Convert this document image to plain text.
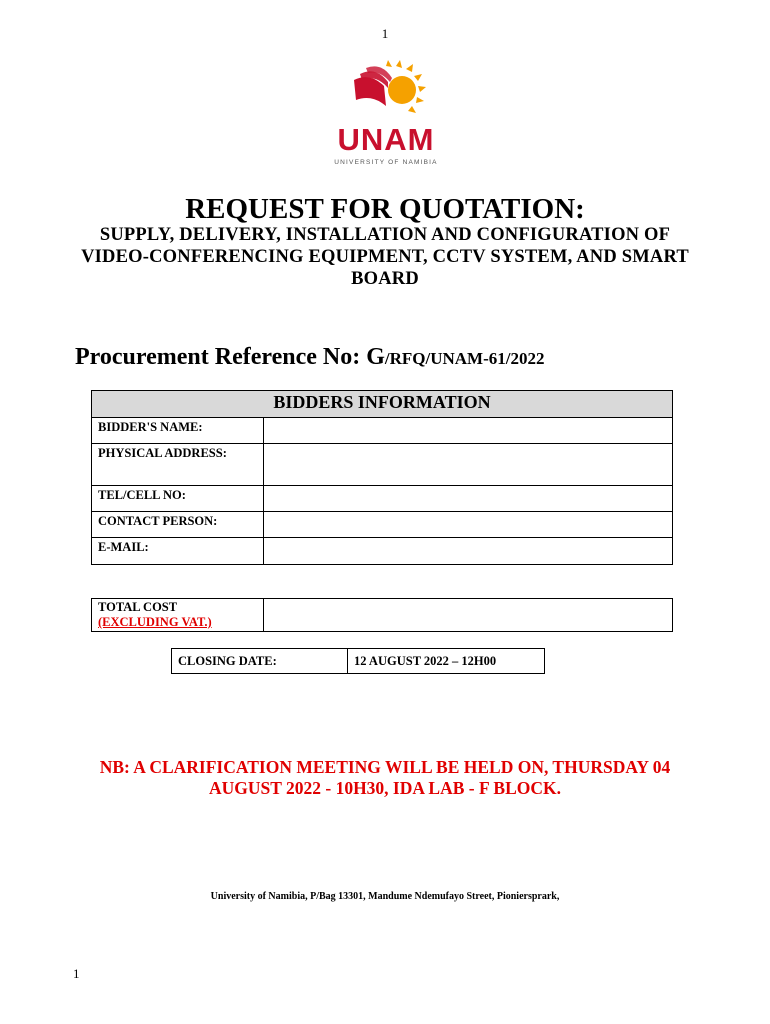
1
UNAM
UNIVERSITY OF NAMIBIA
REQUEST FOR QUOTATION:
SUPPLY, DELIVERY, INSTALLATION AND CONFIGURATION OF VIDEO-CONFERENCING EQUIPMENT, CCTV SYSTEM, AND SMART BOARD
Procurement Reference No: G/RFQ/UNAM-61/2022
BIDDERS INFORMATION	
BIDDER'S NAME:	
PHYSICAL ADDRESS:	
TEL/CELL NO:	
CONTACT PERSON:	
E-MAIL:	
TOTAL COST
(EXCLUDING VAT.)

CLOSING DATE:	12 AUGUST 2022 – 12H00
NB: A CLARIFICATION MEETING WILL BE HELD ON, THURSDAY 04 AUGUST 2022 - 10H30, IDA LAB - F BLOCK.
University of Namibia, P/Bag 13301, Mandume Ndemufayo Street, Pioniersprark,
1
